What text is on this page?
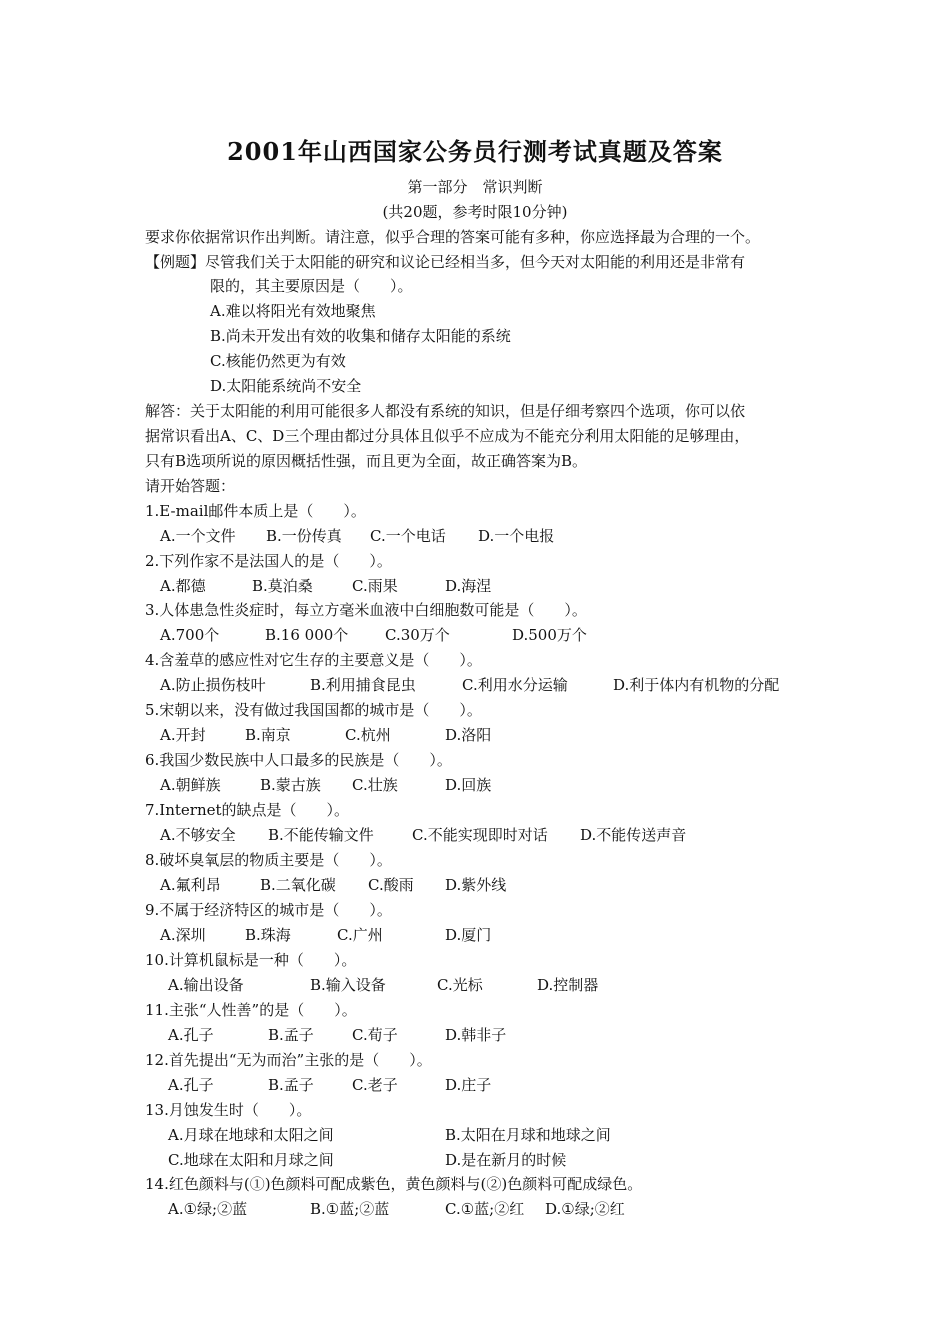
2001年山西国家公务员行测考试真题及答案
第一部分　常识判断
(共20题，参考时限10分钟)
要求你依据常识作出判断。请注意，似乎合理的答案可能有多种，你应选择最为合理的一个。
【例题】尽管我们关于太阳能的研究和议论已经相当多，但今天对太阳能的利用还是非常有
限的，其主要原因是（　　）。
A.难以将阳光有效地聚焦
B.尚未开发出有效的收集和储存太阳能的系统
C.核能仍然更为有效
D.太阳能系统尚不安全
解答：关于太阳能的利用可能很多人都没有系统的知识，但是仔细考察四个选项，你可以依
据常识看出A、C、D三个理由都过分具体且似乎不应成为不能充分利用太阳能的足够理由，
只有B选项所说的原因概括性强，而且更为全面，故正确答案为B。
请开始答题：
1.E-mail邮件本质上是（　　）。
A.一个文件 B.一份传真 C.一个电话 D.一个电报
2.下列作家不是法国人的是（　　）。
A.都德	B.莫泊桑	C.雨果	D.海涅
3.人体患急性炎症时，每立方毫米血液中白细胞数可能是（　　）。
A.700个	B.16 000个 C.30万个	D.500万个
4.含羞草的感应性对它生存的主要意义是（　　）。
A.防止损伤枝叶	B.利用捕食昆虫	C.利用水分运输	D.利于体内有机物的分配
5.宋朝以来，没有做过我国国都的城市是（　　）。
A.开封	B.南京	C.杭州	D.洛阳
6.我国少数民族中人口最多的民族是（　　）。
A.朝鲜族	B.蒙古族 C.壮族	D.回族
7.Internet的缺点是（　　）。
A.不够安全 B.不能传输文件	C.不能实现即时对话 D.不能传送声音
8.破坏臭氧层的物质主要是（　　）。
A.氟利昂	B.二氧化碳 C.酸雨 D.紫外线
9.不属于经济特区的城市是（　　）。
A.深圳	B.珠海	C.广州	D.厦门
10.计算机鼠标是一种（　　）。
A.输出设备	B.输入设备	C.光标	D.控制器
11.主张“人性善”的是（　　）。
A.孔子	B.孟子	C.荀子	D.韩非子
12.首先提出“无为而治”主张的是（　　）。
A.孔子	B.孟子	C.老子	D.庄子
13.月蚀发生时（　　）。
A.月球在地球和太阳之间	B.太阳在月球和地球之间
C.地球在太阳和月球之间	D.是在新月的时候
14.红色颜料与(①)色颜料可配成紫色，黄色颜料与(②)色颜料可配成绿色。
A.①绿;②蓝	B.①蓝;②蓝	C.①蓝;②红 D.①绿;②红
